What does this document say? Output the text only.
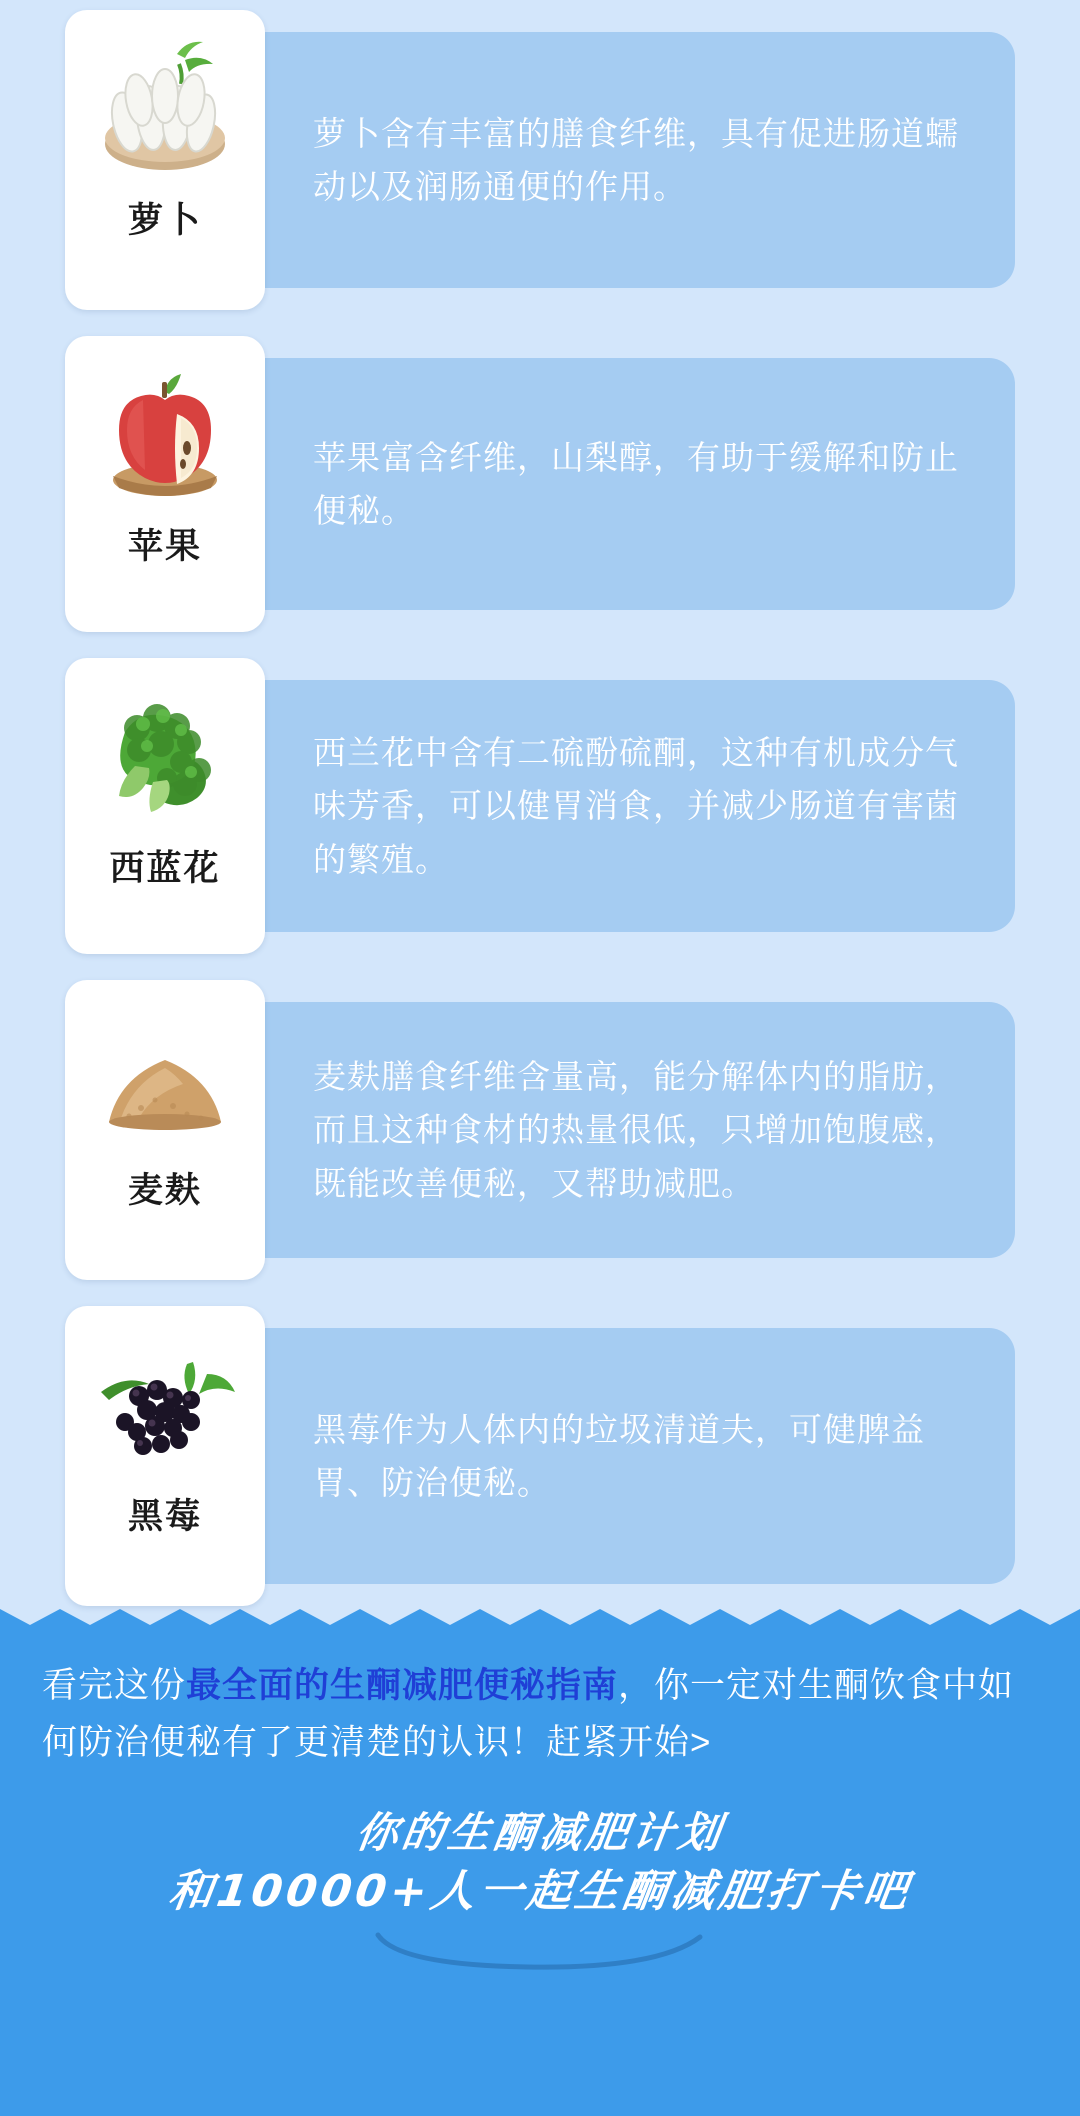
萝卜

萝卜含有丰富的膳食纤维，具有促进肠道蠕动以及润肠通便的作用。

苹果

苹果富含纤维，山梨醇，有助于缓解和防止便秘。

西蓝花

西兰花中含有二硫酚硫酮，这种有机成分气味芳香，可以健胃消食，并减少肠道有害菌的繁殖。

麦麸

麦麸膳食纤维含量高，能分解体内的脂肪，而且这种食材的热量很低，只增加饱腹感，既能改善便秘，又帮助减肥。

黑莓

黑莓作为人体内的垃圾清道夫，可健脾益胃、防治便秘。

看完这份最全面的生酮减肥便秘指南，你一定对生酮饮食中如何防治便秘有了更清楚的认识！赶紧开始>

你的生酮减肥计划
和10000+人一起生酮减肥打卡吧
